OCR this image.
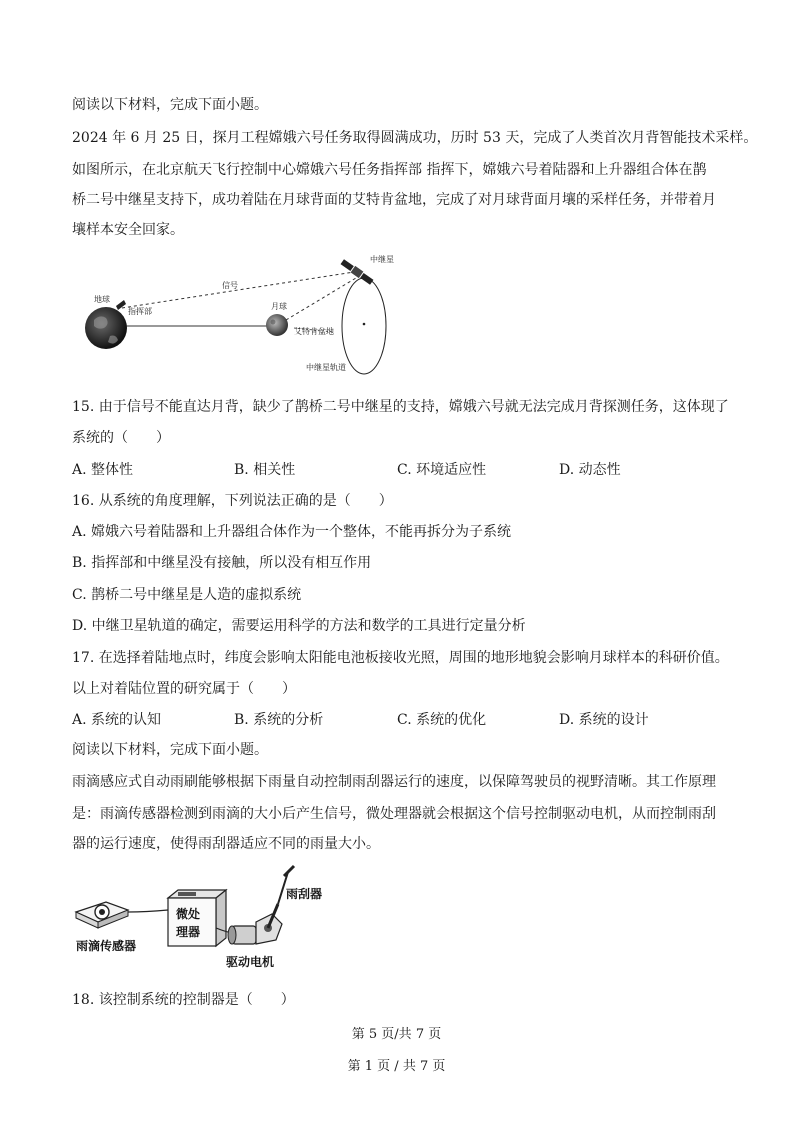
阅读以下材料，完成下面小题。
2024 年 6 月 25 日，探月工程嫦娥六号任务取得圆满成功，历时 53 天，完成了人类首次月背智能技术采样。
如图所示，在北京航天飞行控制中心嫦娥六号任务指挥部 指挥下，嫦娥六号着陆器和上升器组合体在鹊
桥二号中继星支持下，成功着陆在月球背面的艾特肯盆地，完成了对月球背面月壤的采样任务，并带着月
壤样本安全回家。
中继星
信号
地球
指挥部
月球
艾特肯盆地
中继星轨道
15. 由于信号不能直达月背，缺少了鹊桥二号中继星的支持，嫦娥六号就无法完成月背探测任务，这体现了
系统的（　　）
A. 整体性	B. 相关性	C. 环境适应性	D. 动态性
16. 从系统的角度理解，下列说法正确的是（　　）
A. 嫦娥六号着陆器和上升器组合体作为一个整体，不能再拆分为子系统
B. 指挥部和中继星没有接触，所以没有相互作用
C. 鹊桥二号中继星是人造的虚拟系统
D. 中继卫星轨道的确定，需要运用科学的方法和数学的工具进行定量分析
17. 在选择着陆地点时，纬度会影响太阳能电池板接收光照，周围的地形地貌会影响月球样本的科研价值。
以上对着陆位置的研究属于（　　）
A. 系统的认知	B. 系统的分析	C. 系统的优化	D. 系统的设计
阅读以下材料，完成下面小题。
雨滴感应式自动雨刷能够根据下雨量自动控制雨刮器运行的速度，以保障驾驶员的视野清晰。其工作原理
是：雨滴传感器检测到雨滴的大小后产生信号，微处理器就会根据这个信号控制驱动电机，从而控制雨刮
器的运行速度，使得雨刮器适应不同的雨量大小。
微处
理器
雨刮器
雨滴传感器
驱动电机
18. 该控制系统的控制器是（　　）
第 5 页/共 7 页
第 1 页 / 共 7 页
